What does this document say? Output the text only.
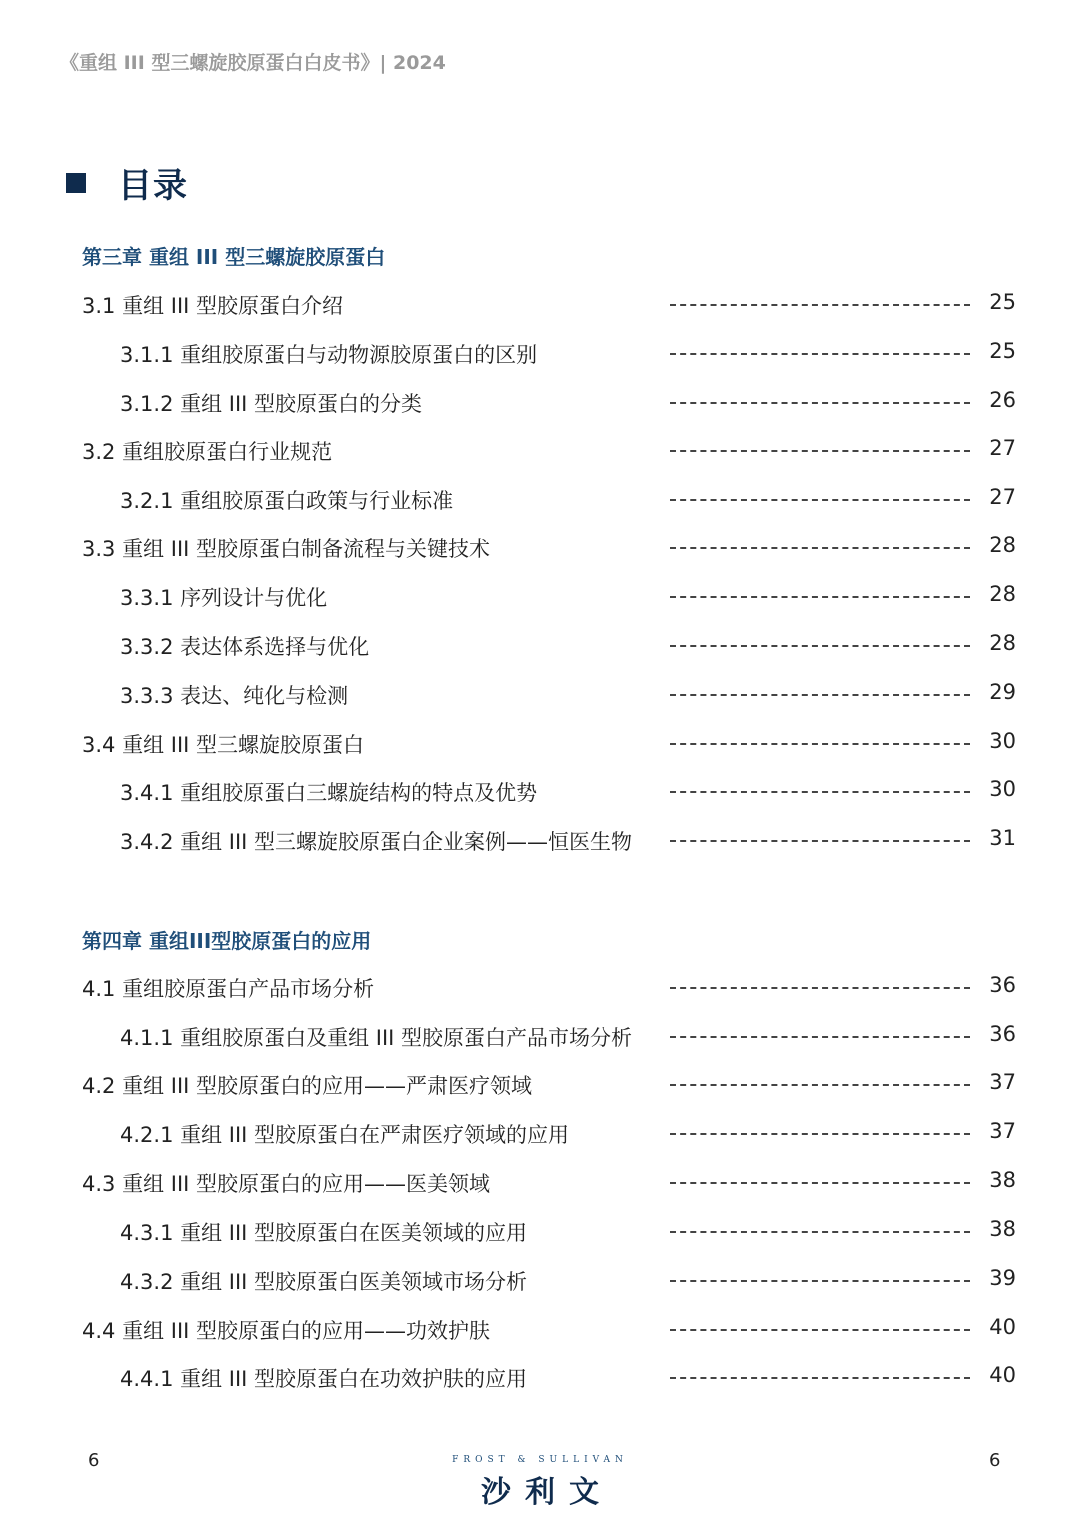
《重组 III 型三螺旋胶原蛋白白皮书》| 2024
目录
第三章 重组 III 型三螺旋胶原蛋白
3.1 重组 III 型胶原蛋白介绍	25
3.1.1 重组胶原蛋白与动物源胶原蛋白的区别	25
3.1.2 重组 III 型胶原蛋白的分类	26
3.2 重组胶原蛋白行业规范	27
3.2.1 重组胶原蛋白政策与行业标准	27
3.3 重组 III 型胶原蛋白制备流程与关键技术	28
3.3.1 序列设计与优化	28
3.3.2 表达体系选择与优化	28
3.3.3 表达、纯化与检测	29
3.4 重组 III 型三螺旋胶原蛋白	30
3.4.1 重组胶原蛋白三螺旋结构的特点及优势	30
3.4.2 重组 III 型三螺旋胶原蛋白企业案例——恒医生物	31
第四章 重组III型胶原蛋白的应用
4.1 重组胶原蛋白产品市场分析	36
4.1.1 重组胶原蛋白及重组 III 型胶原蛋白产品市场分析	36
4.2 重组 III 型胶原蛋白的应用——严肃医疗领域	37
4.2.1 重组 III 型胶原蛋白在严肃医疗领域的应用	37
4.3 重组 III 型胶原蛋白的应用——医美领域	38
4.3.1 重组 III 型胶原蛋白在医美领域的应用	38
4.3.2 重组 III 型胶原蛋白医美领域市场分析	39
4.4 重组 III 型胶原蛋白的应用——功效护肤	40
4.4.1 重组 III 型胶原蛋白在功效护肤的应用	40
6	FROST & SULLIVAN
沙利文
6
